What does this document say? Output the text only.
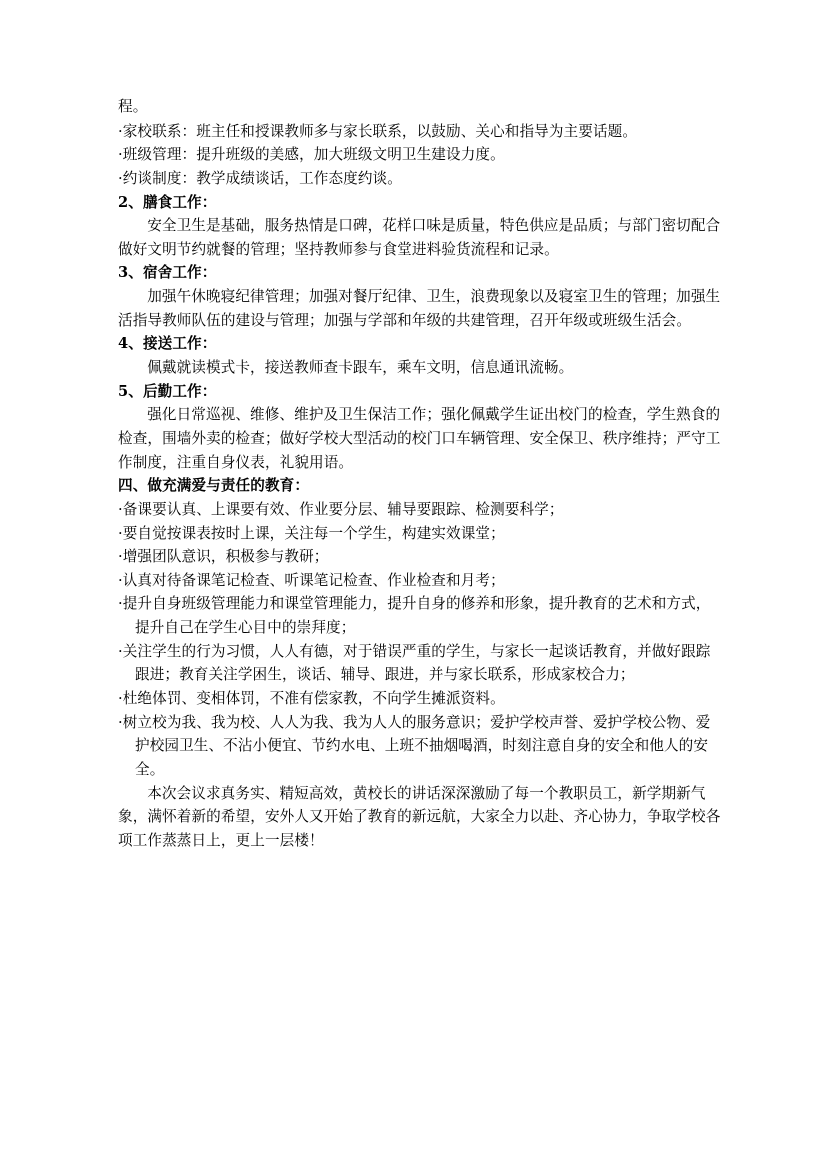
程。

·家校联系：班主任和授课教师多与家长联系，以鼓励、关心和指导为主要话题。

·班级管理：提升班级的美感，加大班级文明卫生建设力度。

·约谈制度：教学成绩谈话，工作态度约谈。

2、膳食工作：

安全卫生是基础，服务热情是口碑，花样口味是质量，特色供应是品质；与部门密切配合做好文明节约就餐的管理；坚持教师参与食堂进料验货流程和记录。

3、宿舍工作：

加强午休晚寝纪律管理；加强对餐厅纪律、卫生，浪费现象以及寝室卫生的管理；加强生活指导教师队伍的建设与管理；加强与学部和年级的共建管理，召开年级或班级生活会。

4、接送工作：

佩戴就读模式卡，接送教师查卡跟车，乘车文明，信息通讯流畅。

5、后勤工作：

强化日常巡视、维修、维护及卫生保洁工作；强化佩戴学生证出校门的检查，学生熟食的检查，围墙外卖的检查；做好学校大型活动的校门口车辆管理、安全保卫、秩序维持；严守工作制度，注重自身仪表，礼貌用语。

四、做充满爱与责任的教育：

·备课要认真、上课要有效、作业要分层、辅导要跟踪、检测要科学；

·要自觉按课表按时上课，关注每一个学生，构建实效课堂；

·增强团队意识，积极参与教研；

·认真对待备课笔记检查、听课笔记检查、作业检查和月考；

·提升自身班级管理能力和课堂管理能力，提升自身的修养和形象，提升教育的艺术和方式，提升自己在学生心目中的崇拜度；

·关注学生的行为习惯，人人有德，对于错误严重的学生，与家长一起谈话教育，并做好跟踪跟进；教育关注学困生，谈话、辅导、跟进，并与家长联系，形成家校合力；

·杜绝体罚、变相体罚，不准有偿家教，不向学生摊派资料。

·树立校为我、我为校、人人为我、我为人人的服务意识；爱护学校声誉、爱护学校公物、爱护校园卫生、不沾小便宜、节约水电、上班不抽烟喝酒，时刻注意自身的安全和他人的安全。

本次会议求真务实、精短高效，黄校长的讲话深深激励了每一个教职员工，新学期新气象，满怀着新的希望，安外人又开始了教育的新远航，大家全力以赴、齐心协力，争取学校各项工作蒸蒸日上，更上一层楼！
